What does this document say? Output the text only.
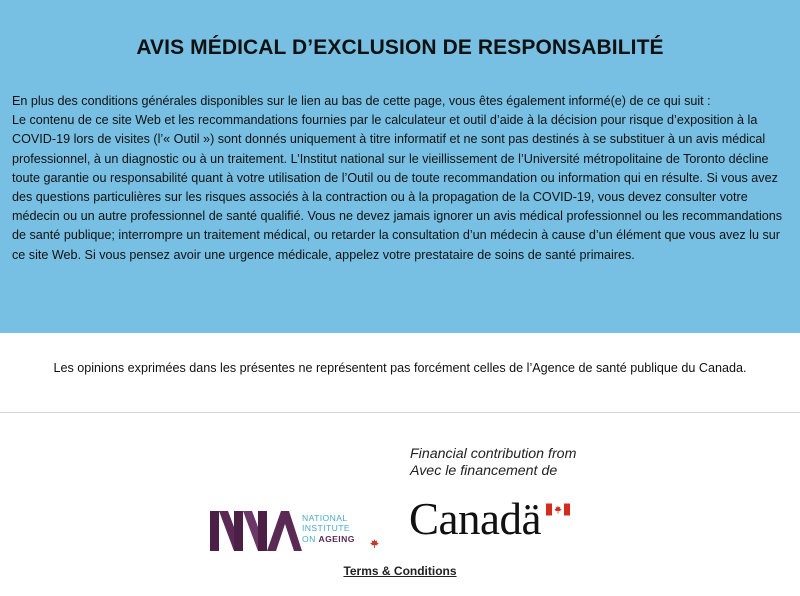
AVIS MÉDICAL D’EXCLUSION DE RESPONSABILITÉ

En plus des conditions générales disponibles sur le lien au bas de cette page, vous êtes également informé(e) de ce qui suit :

Le contenu de ce site Web et les recommandations fournies par le calculateur et outil d’aide à la décision pour risque d’exposition à la COVID-19 lors de visites (l’« Outil ») sont donnés uniquement à titre informatif et ne sont pas destinés à se substituer à un avis médical professionnel, à un diagnostic ou à un traitement. L’Institut national sur le vieillissement de l’Université métropolitaine de Toronto décline toute garantie ou responsabilité quant à votre utilisation de l’Outil ou de toute recommandation ou information qui en résulte. Si vous avez des questions particulières sur les risques associés à la contraction ou à la propagation de la COVID-19, vous devez consulter votre médecin ou un autre professionnel de santé qualifié. Vous ne devez jamais ignorer un avis médical professionnel ou les recommandations de santé publique; interrompre un traitement médical, ou retarder la consultation d’un médecin à cause d’un élément que vous avez lu sur ce site Web. Si vous pensez avoir une urgence médicale, appelez votre prestataire de soins de santé primaires.

Les opinions exprimées dans les présentes ne représentent pas forcément celles de l’Agence de santé publique du Canada.
NATIONAL
INSTITUTE
ON AGEING
Financial contribution from
Avec le financement de
Canadä
Terms & Conditions
